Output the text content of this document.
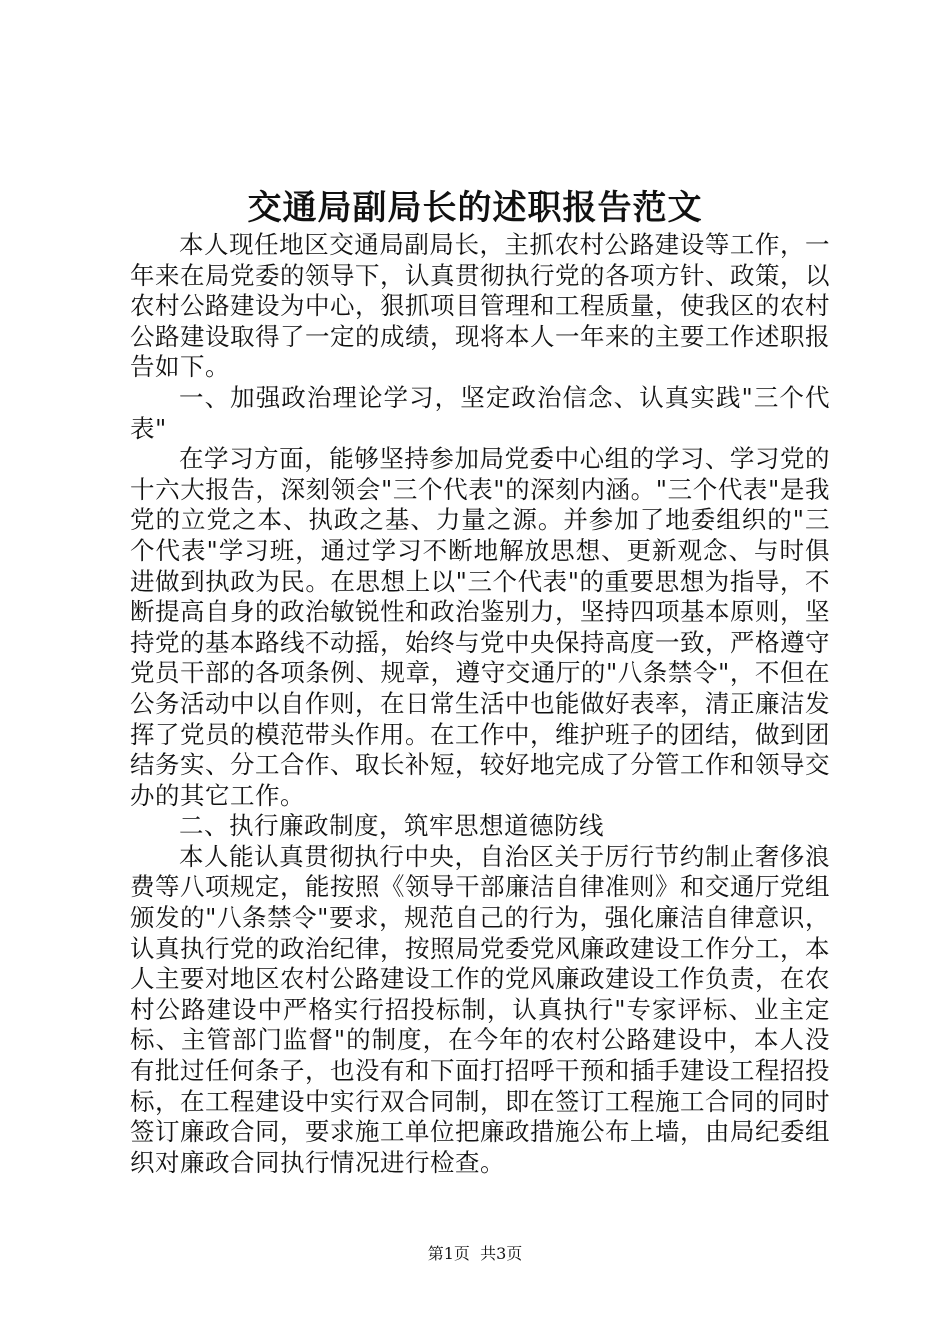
交通局副局长的述职报告范文

本人现任地区交通局副局长，主抓农村公路建设等工作，一年来在局党委的领导下，认真贯彻执行党的各项方针、政策，以农村公路建设为中心，狠抓项目管理和工程质量，使我区的农村公路建设取得了一定的成绩，现将本人一年来的主要工作述职报告如下。

一、加强政治理论学习，坚定政治信念、认真实践"三个代表"

在学习方面，能够坚持参加局党委中心组的学习、学习党的十六大报告，深刻领会"三个代表"的深刻内涵。"三个代表"是我党的立党之本、执政之基、力量之源。并参加了地委组织的"三个代表"学习班，通过学习不断地解放思想、更新观念、与时俱进做到执政为民。在思想上以"三个代表"的重要思想为指导，不断提高自身的政治敏锐性和政治鉴别力，坚持四项基本原则，坚持党的基本路线不动摇，始终与党中央保持高度一致，严格遵守党员干部的各项条例、规章，遵守交通厅的"八条禁令"，不但在公务活动中以自作则，在日常生活中也能做好表率，清正廉洁发挥了党员的模范带头作用。在工作中，维护班子的团结，做到团结务实、分工合作、取长补短，较好地完成了分管工作和领导交办的其它工作。

二、执行廉政制度，筑牢思想道德防线

本人能认真贯彻执行中央，自治区关于厉行节约制止奢侈浪费等八项规定，能按照《领导干部廉洁自律准则》和交通厅党组颁发的"八条禁令"要求，规范自己的行为，强化廉洁自律意识，认真执行党的政治纪律，按照局党委党风廉政建设工作分工，本人主要对地区农村公路建设工作的党风廉政建设工作负责，在农村公路建设中严格实行招投标制，认真执行"专家评标、业主定标、主管部门监督"的制度，在今年的农村公路建设中，本人没有批过任何条子，也没有和下面打招呼干预和插手建设工程招投标，在工程建设中实行双合同制，即在签订工程施工合同的同时签订廉政合同，要求施工单位把廉政措施公布上墙，由局纪委组织对廉政合同执行情况进行检查。

第1页  共3页
